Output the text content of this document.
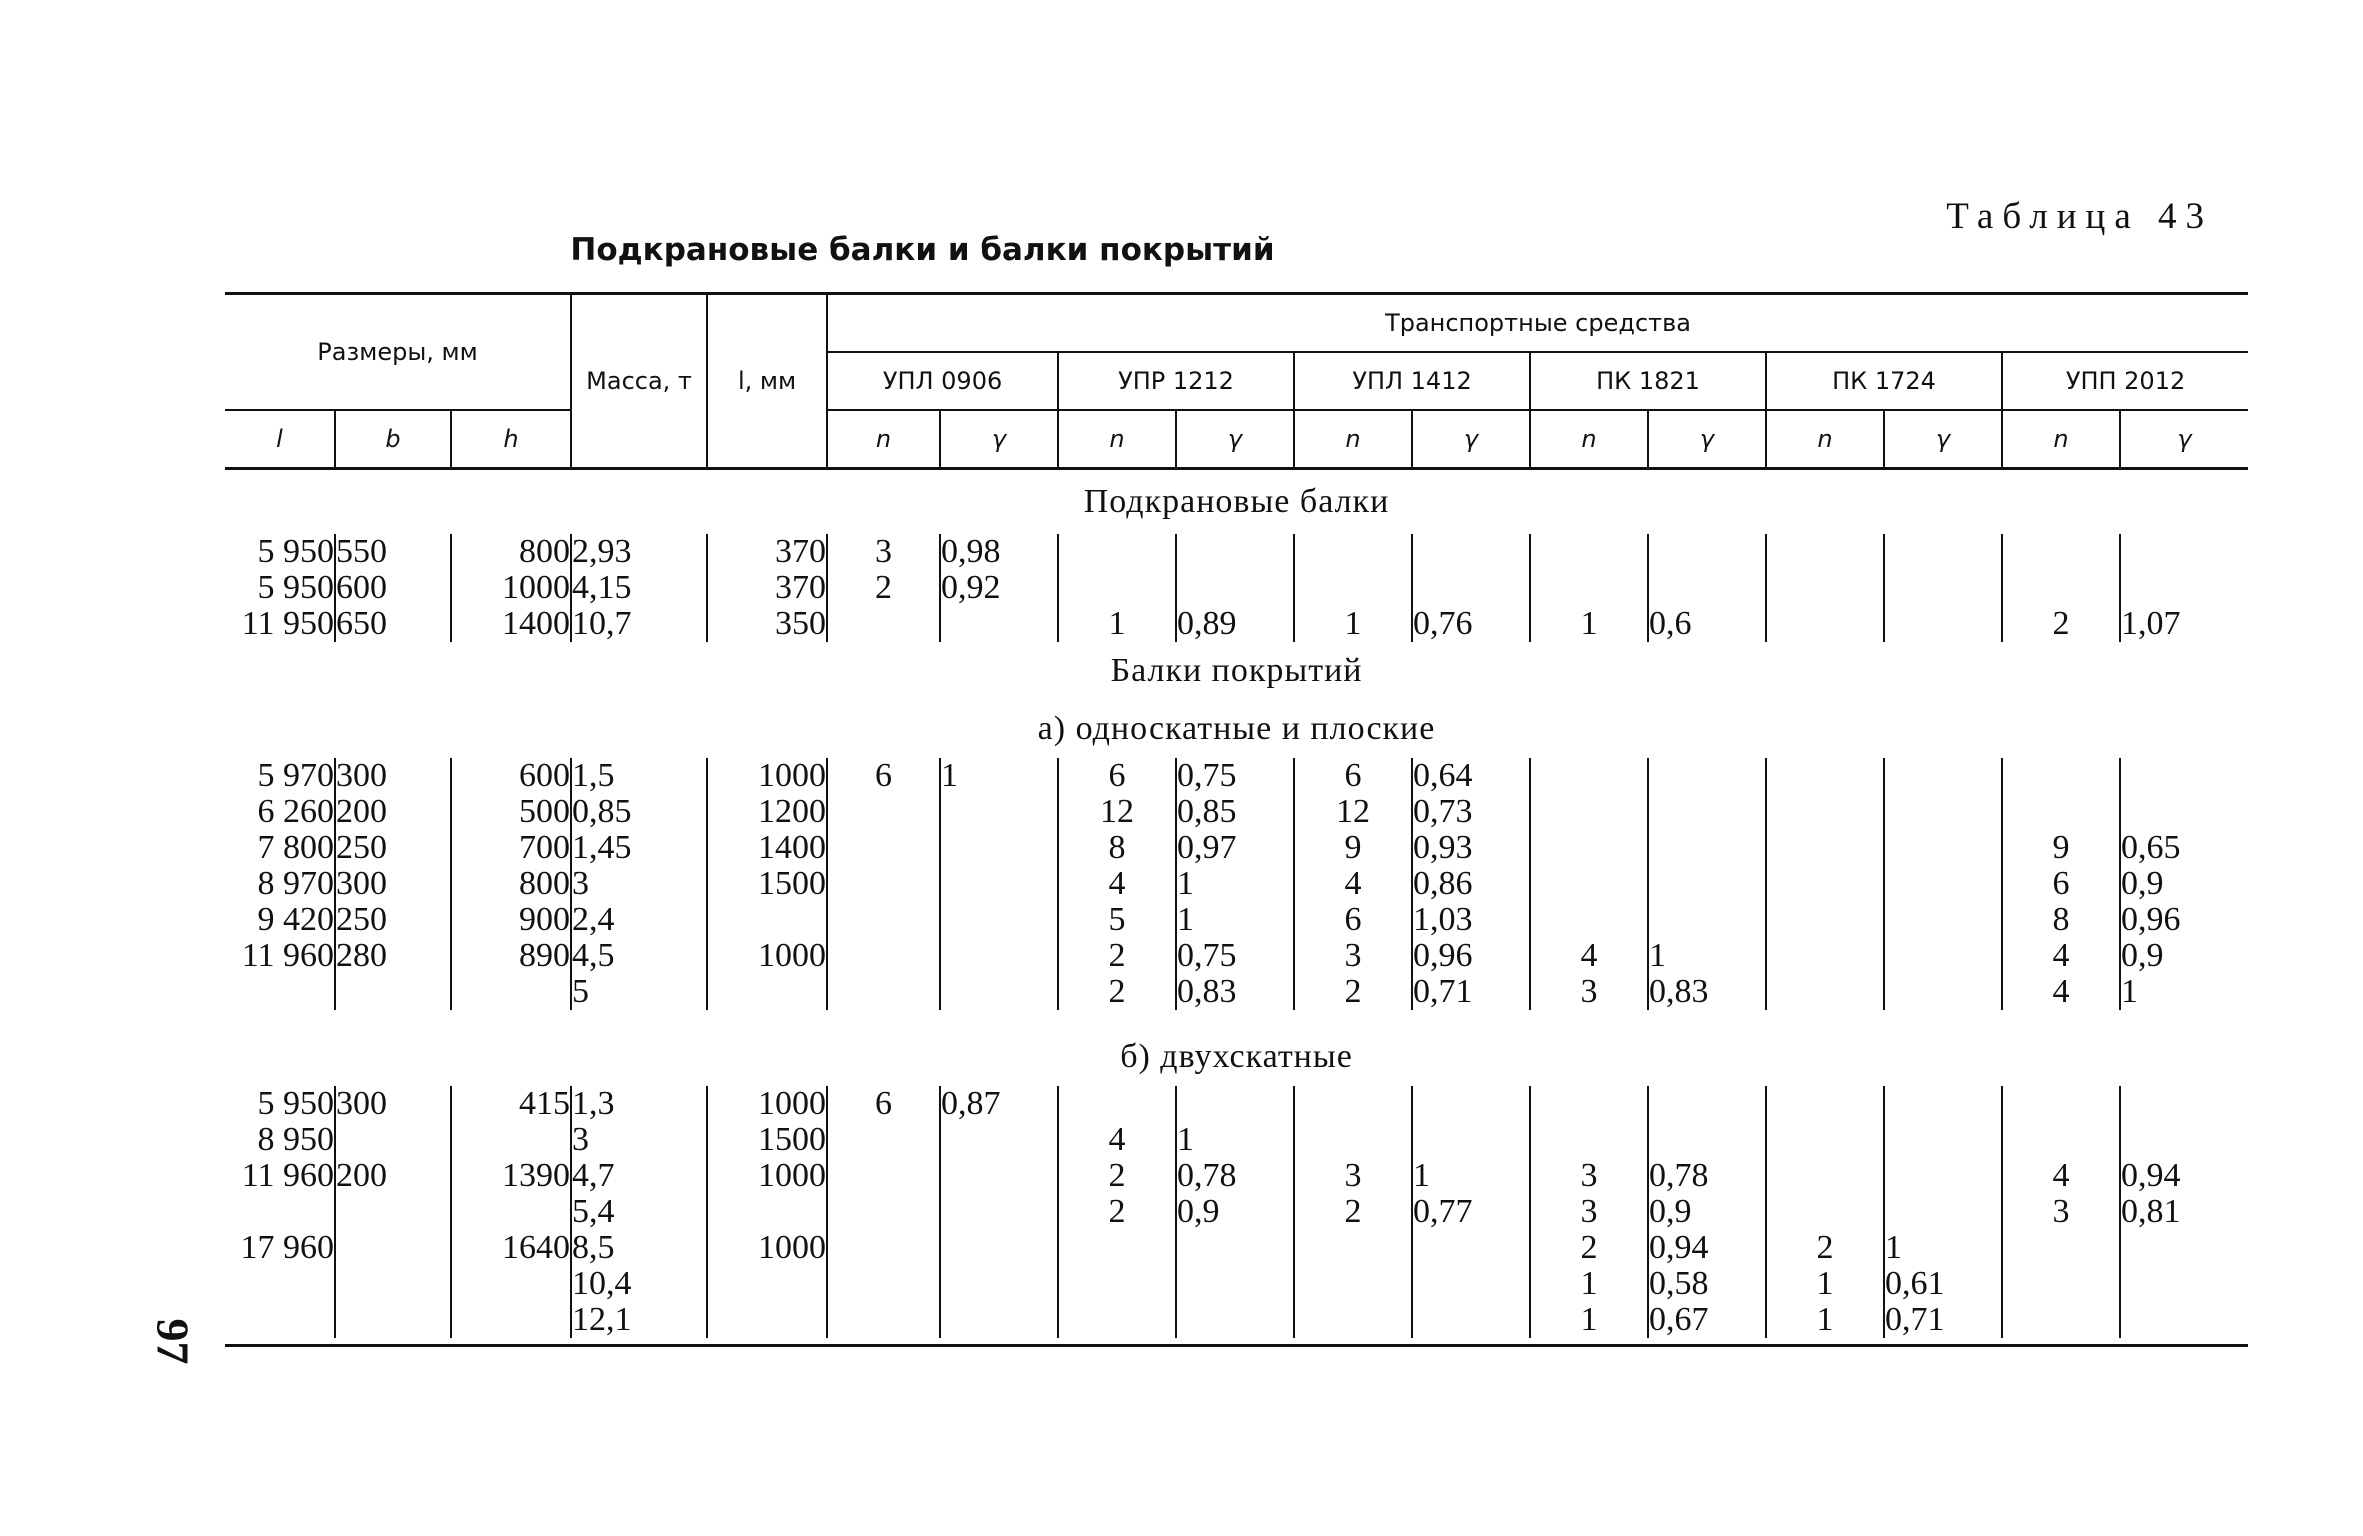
Таблица 43
Подкрановые балки и балки покрытий
97
Размеры, мм			Масса, т	l, мм	Транспортные средства											
					УПЛ 0906		УПР 1212		УПЛ 1412		ПК 1821		ПК 1724		УПП 2012	
l	b	h			n	γ	n	γ	n	γ	n	γ	n	γ	n	γ
Подкрановые балки																
5 950	550	800	2,93	370	3	0,98										
5 950	600	1000	4,15	370	2	0,92										
11 950	650	1400	10,7	350			1	0,89	1	0,76	1	0,6			2	1,07
Балки покрытий																
а) односкатные и плоские																
5 970	300	600	1,5	1000	6	1	6	0,75	6	0,64						
6 260	200	500	0,85	1200			12	0,85	12	0,73						
7 800	250	700	1,45	1400			8	0,97	9	0,93					9	0,65
8 970	300	800	3	1500			4	1	4	0,86					6	0,9
9 420	250	900	2,4				5	1	6	1,03					8	0,96
11 960	280	890	4,5	1000			2	0,75	3	0,96	4	1			4	0,9
			5				2	0,83	2	0,71	3	0,83			4	1

б) двухскатные																
5 950	300	415	1,3	1000	6	0,87										
8 950			3	1500			4	1								
11 960	200	1390	4,7	1000			2	0,78	3	1	3	0,78			4	0,94
			5,4				2	0,9	2	0,77	3	0,9			3	0,81
17 960		1640	8,5	1000							2	0,94	2	1		
			10,4								1	0,58	1	0,61		
			12,1								1	0,67	1	0,71		
